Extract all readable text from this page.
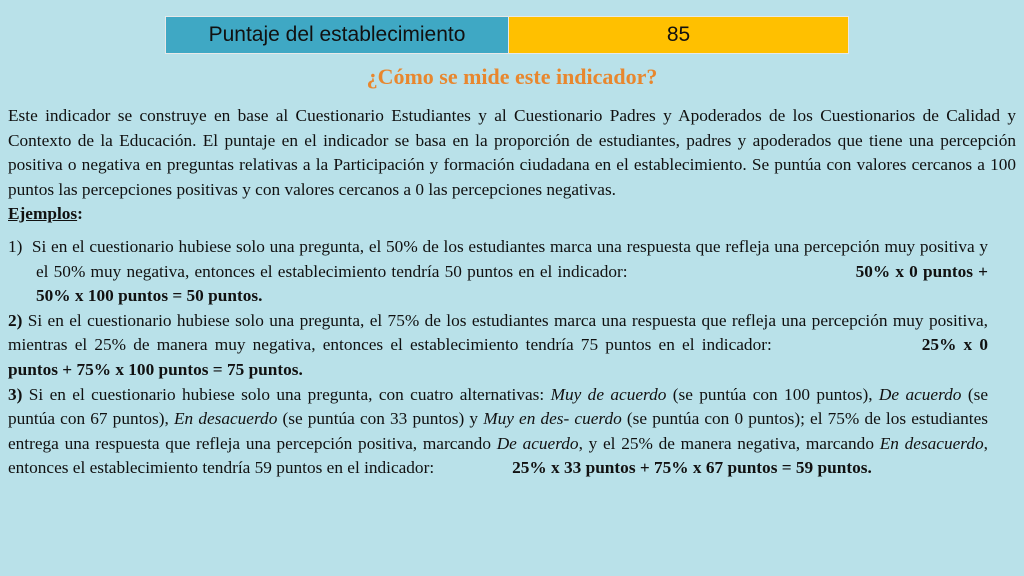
Puntaje del establecimiento	85
¿Cómo se mide este indicador?
Este indicador se construye en base al Cuestionario Estudiantes y al Cuestionario Padres y Apoderados de los Cuestionarios de Calidad y Contexto de la Educación. El puntaje en el indicador se basa en la proporción de estudiantes, padres y apoderados que tiene una percepción positiva o negativa en preguntas relativas a la Participación y formación ciudadana en el establecimiento. Se puntúa con valores cercanos a 100 puntos las percepciones positivas y con valores cercanos a 0 las percepciones negativas.
Ejemplos:
1) Si en el cuestionario hubiese solo una pregunta, el 50% de los estudiantes marca una respuesta que refleja una percepción muy positiva y el 50% muy negativa, entonces el establecimiento tendría 50 puntos en el indicador:	50% x 0 puntos + 50% x 100 puntos = 50 puntos.
2) Si en el cuestionario hubiese solo una pregunta, el 75% de los estudiantes marca una respuesta que refleja una percepción muy positiva, mientras el 25% de manera muy negativa, entonces el establecimiento tendría 75 puntos en el indicador:	25% x 0 puntos + 75% x 100 puntos = 75 puntos.
3) Si en el cuestionario hubiese solo una pregunta, con cuatro alternativas: Muy de acuerdo (se puntúa con 100 puntos), De acuerdo (se puntúa con 67 puntos), En desacuerdo (se puntúa con 33 puntos) y Muy en des- cuerdo (se puntúa con 0 puntos); el 75% de los estudiantes entrega una respuesta que refleja una percepción positiva, marcando De acuerdo, y el 25% de manera negativa, marcando En desacuerdo, entonces el establecimiento tendría 59 puntos en el indicador:	25% x 33 puntos + 75% x 67 puntos = 59 puntos.
